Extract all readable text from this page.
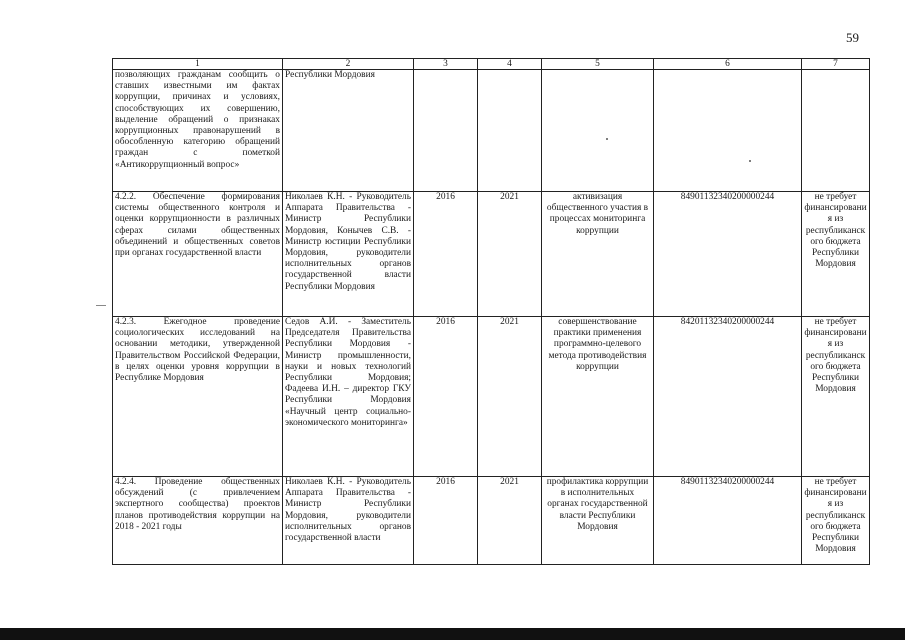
59
1	2	3	4	5	6	7
позволяющих гражданам сообщить о ставших известными им фактах коррупции, причинах и условиях, способствующих их совершению, выделение обращений о признаках коррупционных правонарушений в обособленную категорию обращений граждан с пометкой «Антикоррупционный вопрос»	Республики Мордовия					
4.2.2. Обеспечение формирования системы общественного контроля и оценки коррупционности в различных сферах силами общественных объединений и общественных советов при органах государственной власти	Николаев К.Н. - Руководитель Аппарата Правительства - Министр Республики Мордовия, Конычев С.В. - Министр юстиции Республики Мордовия, руководители исполнительных органов государственной власти Республики Мордовия	2016	2021	активизация общественного участия в процессах мониторинга коррупции	84901132340200000244	не требует финансирования из республиканского бюджета Республики Мордовия
4.2.3. Ежегодное проведение социологических исследований на основании методики, утвержденной Правительством Российской Федерации, в целях оценки уровня коррупции в Республике Мордовия	Седов А.И. - Заместитель Председателя Правительства Республики Мордовия - Министр промышленности, науки и новых технологий Республики Мордовия; Фадеева И.Н. – директор ГКУ Республики Мордовия «Научный центр социально-экономического мониторинга»	2016	2021	совершенствование практики применения программно-целевого метода противодействия коррупции	84201132340200000244	не требует финансирования из республиканского бюджета Республики Мордовия
4.2.4. Проведение общественных обсуждений (с привлечением экспертного сообщества) проектов планов противодействия коррупции на 2018 - 2021 годы	Николаев К.Н. - Руководитель Аппарата Правительства - Министр Республики Мордовия, руководители исполнительных органов государственной власти	2016	2021	профилактика коррупции в исполнительных органах государственной власти Республики Мордовия	84901132340200000244	не требует финансирования из республиканского бюджета Республики Мордовия
